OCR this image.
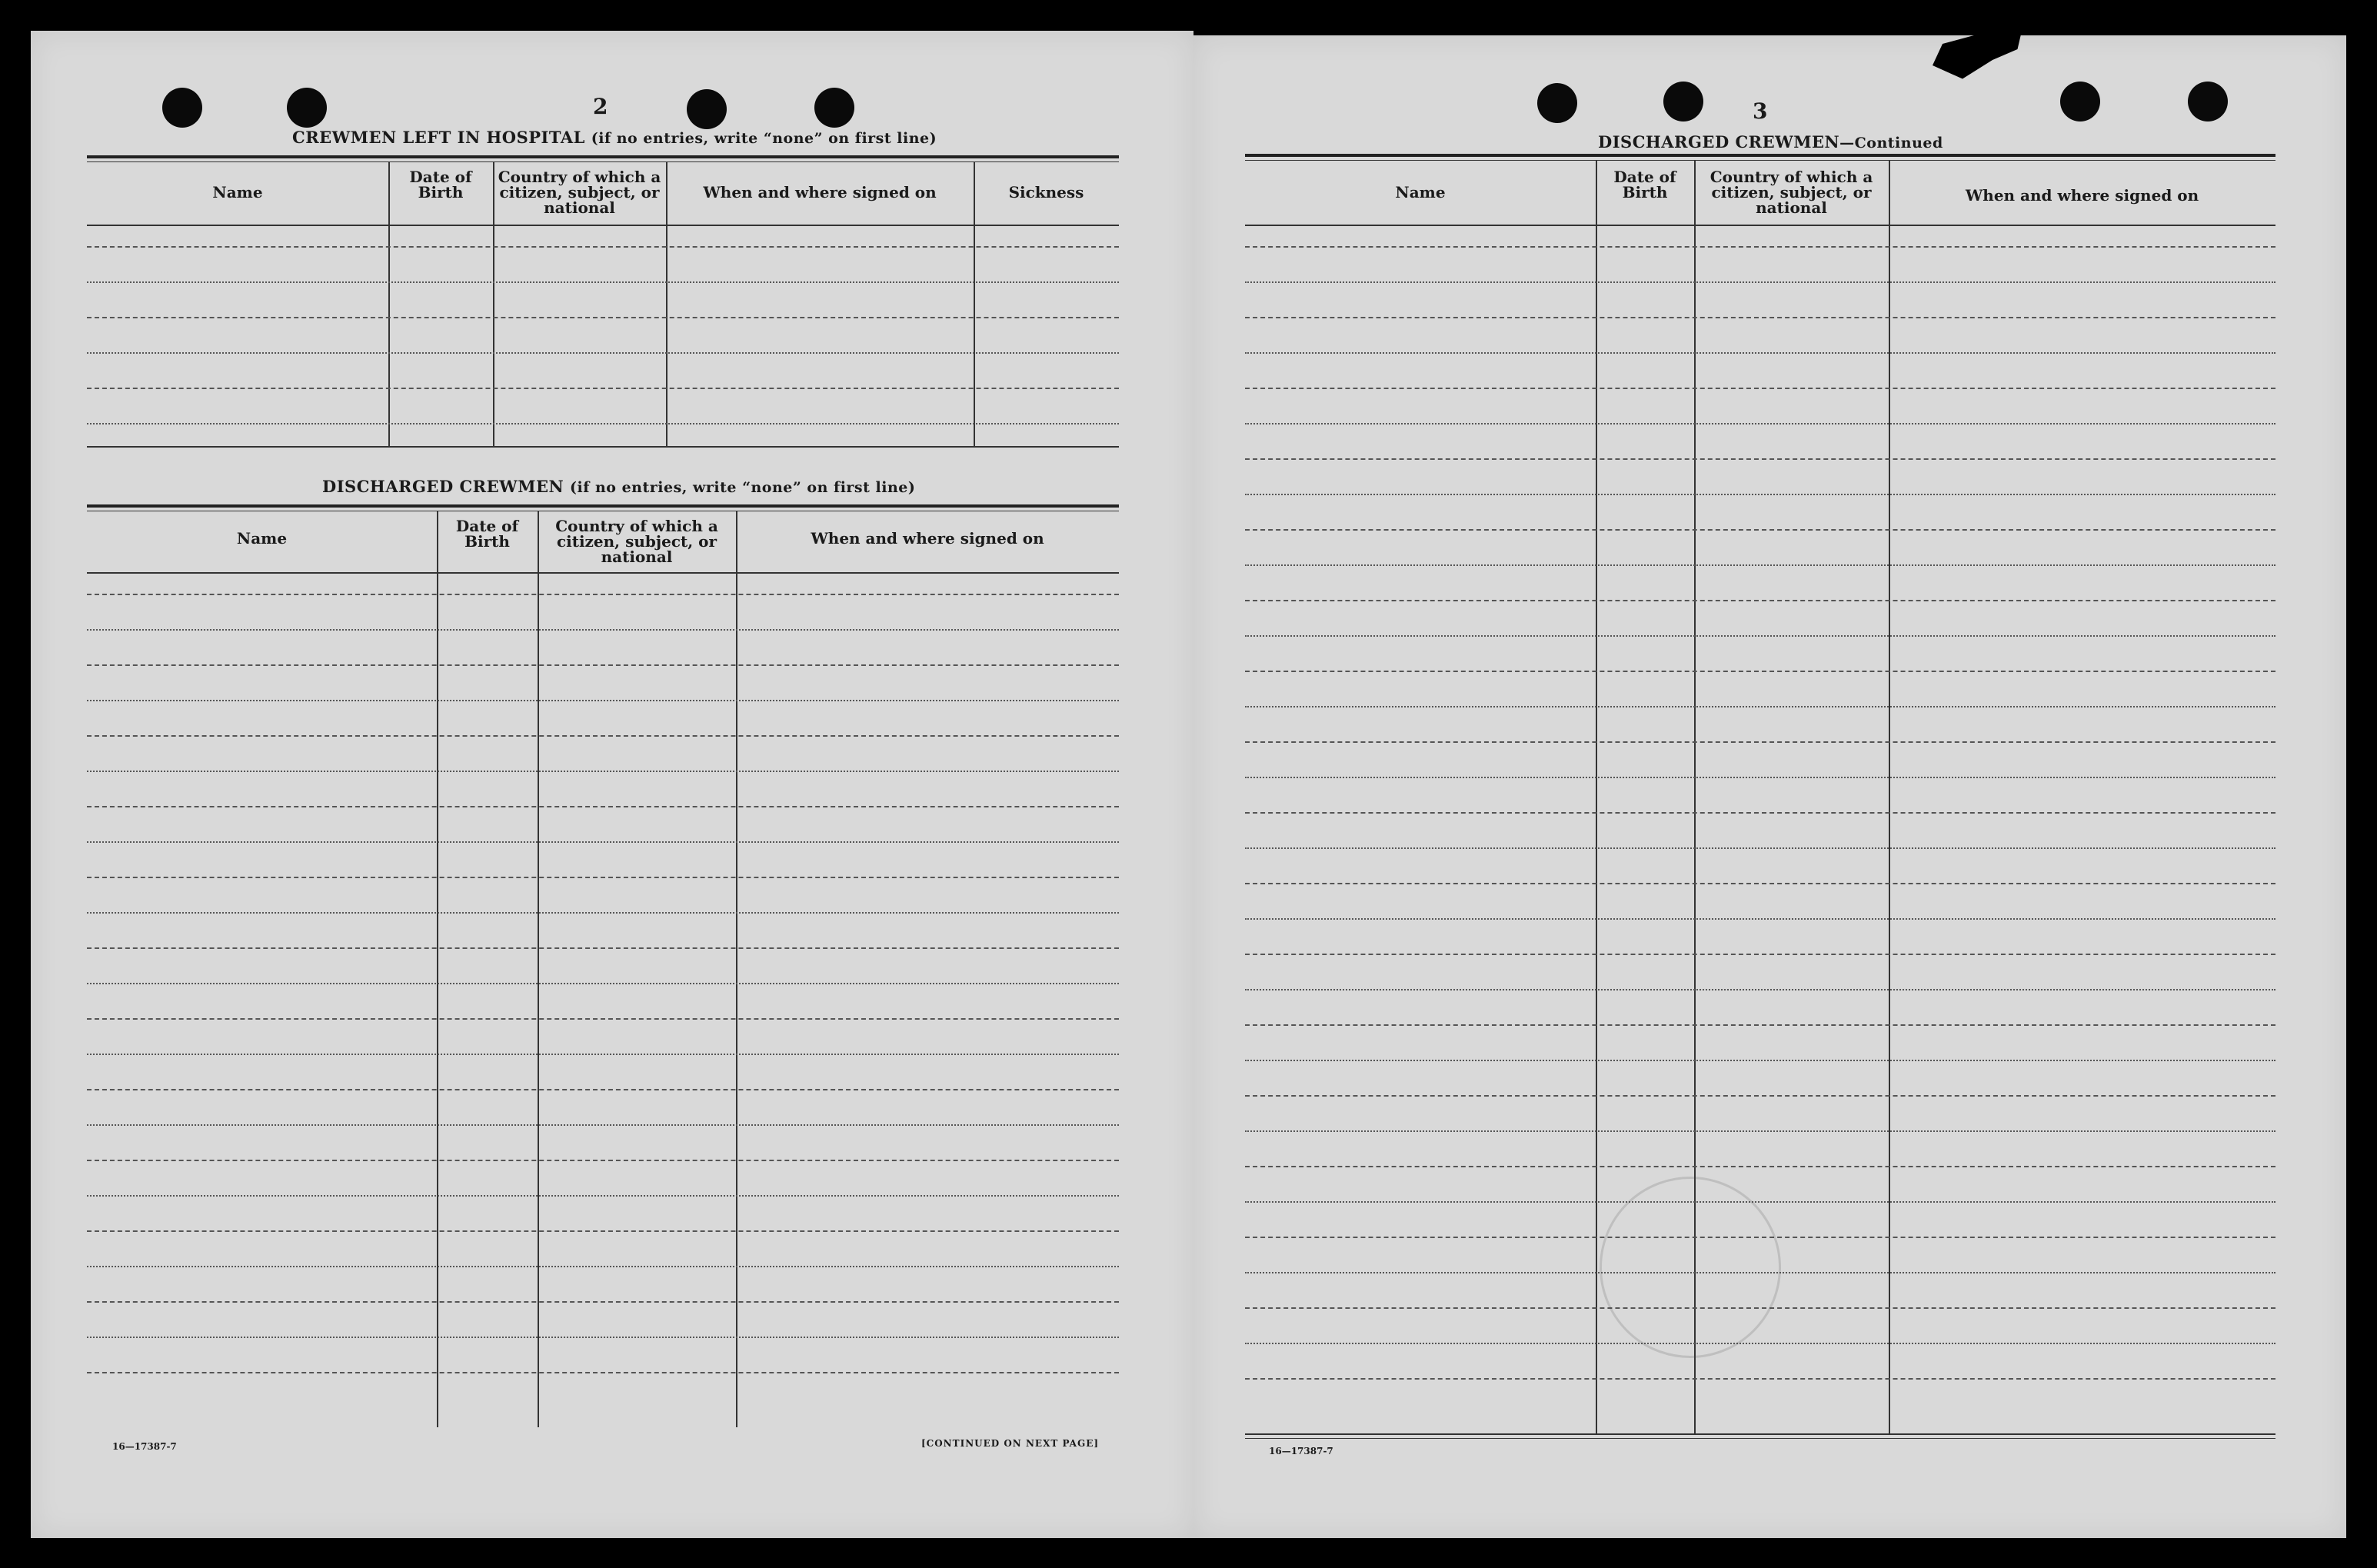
2
CREWMEN LEFT IN HOSPITAL (if no entries, write “none” on first line)
Name
Date of Birth
Country of which a citizen, subject, or national
When and where signed on	Sickness
DISCHARGED CREWMEN (if no entries, write “none” on first line)
Name
Date of Birth
Country of which a citizen, subject, or national
When and where signed on
16—17387-7	[CONTINUED ON NEXT PAGE]
3
DISCHARGED CREWMEN—Continued
Name
Date of Birth
Country of which a citizen, subject, or national
When and where signed on
16—17387-7
